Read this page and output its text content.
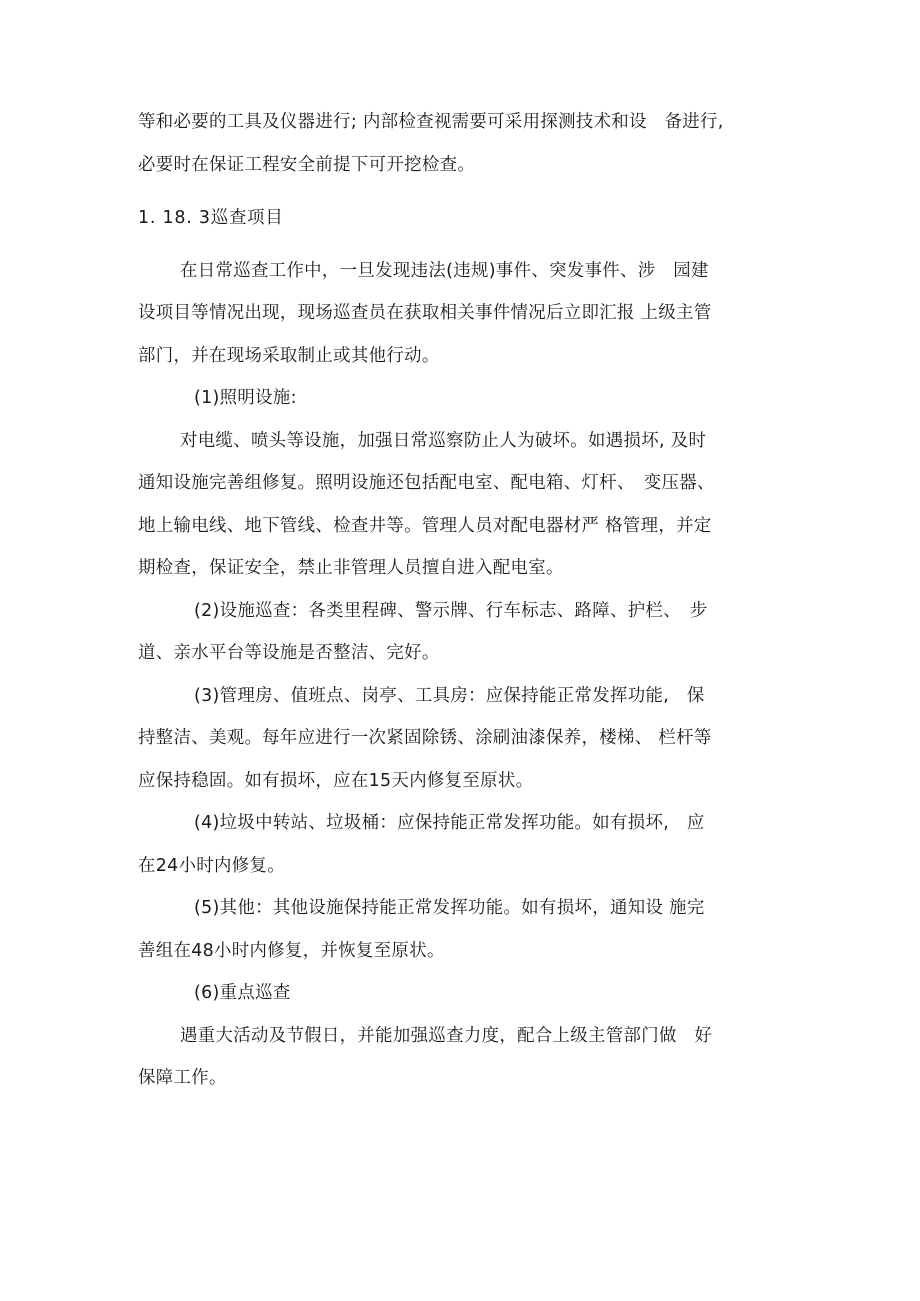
等和必要的工具及仪器进行; 内部检查视需要可采用探测技术和设　备进行,
必要时在保证工程安全前提下可开挖检查。
1. 18. 3巡查项目
在日常巡查工作中，一旦发现违法(违规)事件、突发事件、涉　园建
设项目等情况出现，现场巡查员在获取相关事件情况后立即汇报 上级主管
部门，并在现场采取制止或其他行动。
(1)照明设施:
对电缆、喷头等设施，加强日常巡察防止人为破坏。如遇损坏, 及时
通知设施完善组修复。照明设施还包括配电室、配电箱、灯杆、　变压器、
地上输电线、地下管线、检查井等。管理人员对配电器材严 格管理，并定
期检查，保证安全，禁止非管理人员擅自进入配电室。
(2)设施巡查：各类里程碑、警示牌、行车标志、路障、护栏、　步
道、亲水平台等设施是否整洁、完好。
(3)管理房、值班点、岗亭、工具房：应保持能正常发挥功能,　保
持整洁、美观。每年应进行一次紧固除锈、涂刷油漆保养，楼梯、 栏杆等
应保持稳固。如有损坏，应在15天内修复至原状。
(4)垃圾中转站、垃圾桶：应保持能正常发挥功能。如有损坏,　应
在24小时内修复。
(5)其他：其他设施保持能正常发挥功能。如有损坏，通知设 施完
善组在48小时内修复，并恢复至原状。
(6)重点巡查
遇重大活动及节假日，并能加强巡查力度，配合上级主管部门做　好
保障工作。
